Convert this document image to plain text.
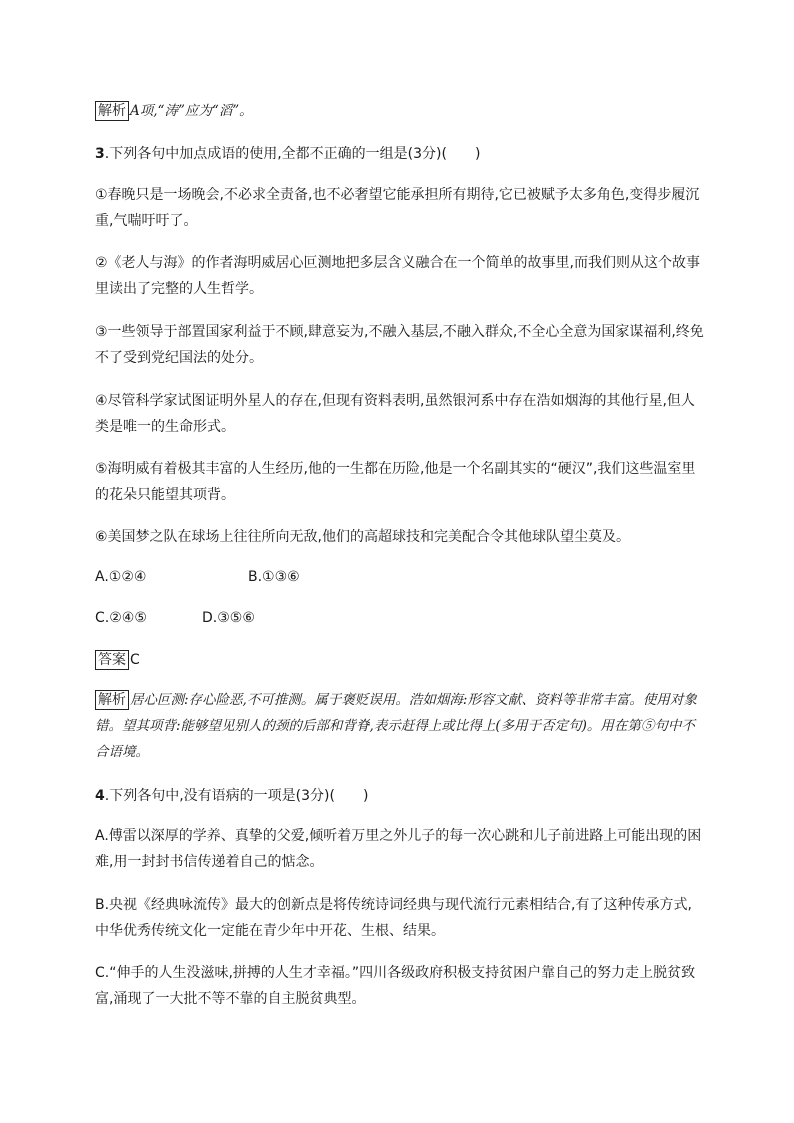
解析 A项,“涛”应为“滔”。

3.下列各句中加点成语的使用,全都不正确的一组是(3分)(　　)

①春晚只是一场晚会,不必求全责备,也不必奢望它能承担所有期待,它已被赋予太多角色,变得步履沉重,气喘吁吁了。

②《老人与海》的作者海明威居心叵测地把多层含义融合在一个简单的故事里,而我们则从这个故事里读出了完整的人生哲学。

③一些领导于部置国家利益于不顾,肆意妄为,不融入基层,不融入群众,不全心全意为国家谋福利,终免不了受到党纪国法的处分。

④尽管科学家试图证明外星人的存在,但现有资料表明,虽然银河系中存在浩如烟海的其他行星,但人类是唯一的生命形式。

⑤海明威有着极其丰富的人生经历,他的一生都在历险,他是一个名副其实的“硬汉”,我们这些温室里的花朵只能望其项背。

⑥美国梦之队在球场上往往所向无敌,他们的高超球技和完美配合令其他球队望尘莫及。

A.①②④	B.①③⑥
C.②④⑤	D.③⑤⑥

答案 C

解析 居心叵测:存心险恶,不可推测。属于褒贬误用。浩如烟海:形容文献、资料等非常丰富。使用对象错。望其项背:能够望见别人的颈的后部和背脊,表示赶得上或比得上(多用于否定句)。用在第⑤句中不合语境。

4.下列各句中,没有语病的一项是(3分)(　　)

A.傅雷以深厚的学养、真挚的父爱,倾听着万里之外儿子的每一次心跳和儿子前进路上可能出现的困难,用一封封书信传递着自己的惦念。

B.央视《经典咏流传》最大的创新点是将传统诗词经典与现代流行元素相结合,有了这种传承方式,中华优秀传统文化一定能在青少年中开花、生根、结果。

C.“伸手的人生没滋味,拼搏的人生才幸福。”四川各级政府积极支持贫困户靠自己的努力走上脱贫致富,涌现了一大批不等不靠的自主脱贫典型。
